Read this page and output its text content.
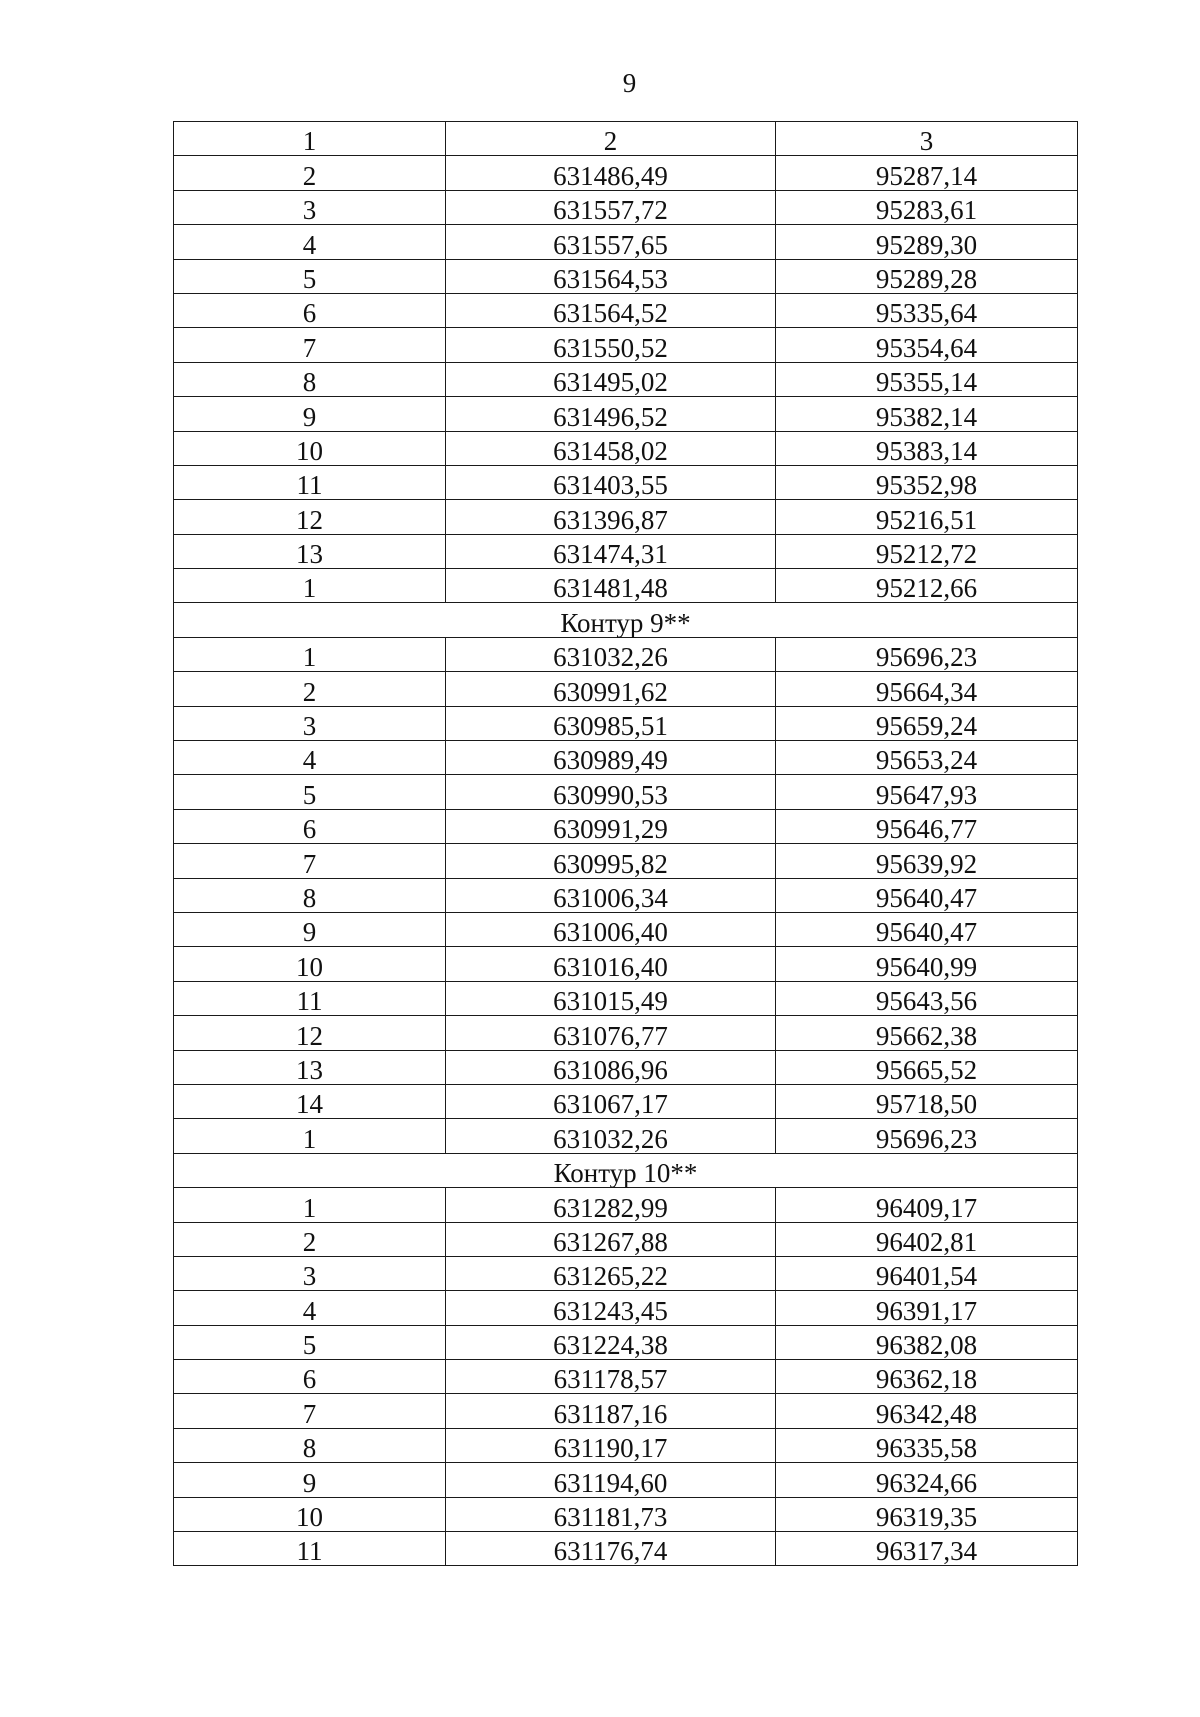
9
1	2	3
2	631486,49	95287,14
3	631557,72	95283,61
4	631557,65	95289,30
5	631564,53	95289,28
6	631564,52	95335,64
7	631550,52	95354,64
8	631495,02	95355,14
9	631496,52	95382,14
10	631458,02	95383,14
11	631403,55	95352,98
12	631396,87	95216,51
13	631474,31	95212,72
1	631481,48	95212,66
Контур 9**		
1	631032,26	95696,23
2	630991,62	95664,34
3	630985,51	95659,24
4	630989,49	95653,24
5	630990,53	95647,93
6	630991,29	95646,77
7	630995,82	95639,92
8	631006,34	95640,47
9	631006,40	95640,47
10	631016,40	95640,99
11	631015,49	95643,56
12	631076,77	95662,38
13	631086,96	95665,52
14	631067,17	95718,50
1	631032,26	95696,23
Контур 10**		
1	631282,99	96409,17
2	631267,88	96402,81
3	631265,22	96401,54
4	631243,45	96391,17
5	631224,38	96382,08
6	631178,57	96362,18
7	631187,16	96342,48
8	631190,17	96335,58
9	631194,60	96324,66
10	631181,73	96319,35
11	631176,74	96317,34
